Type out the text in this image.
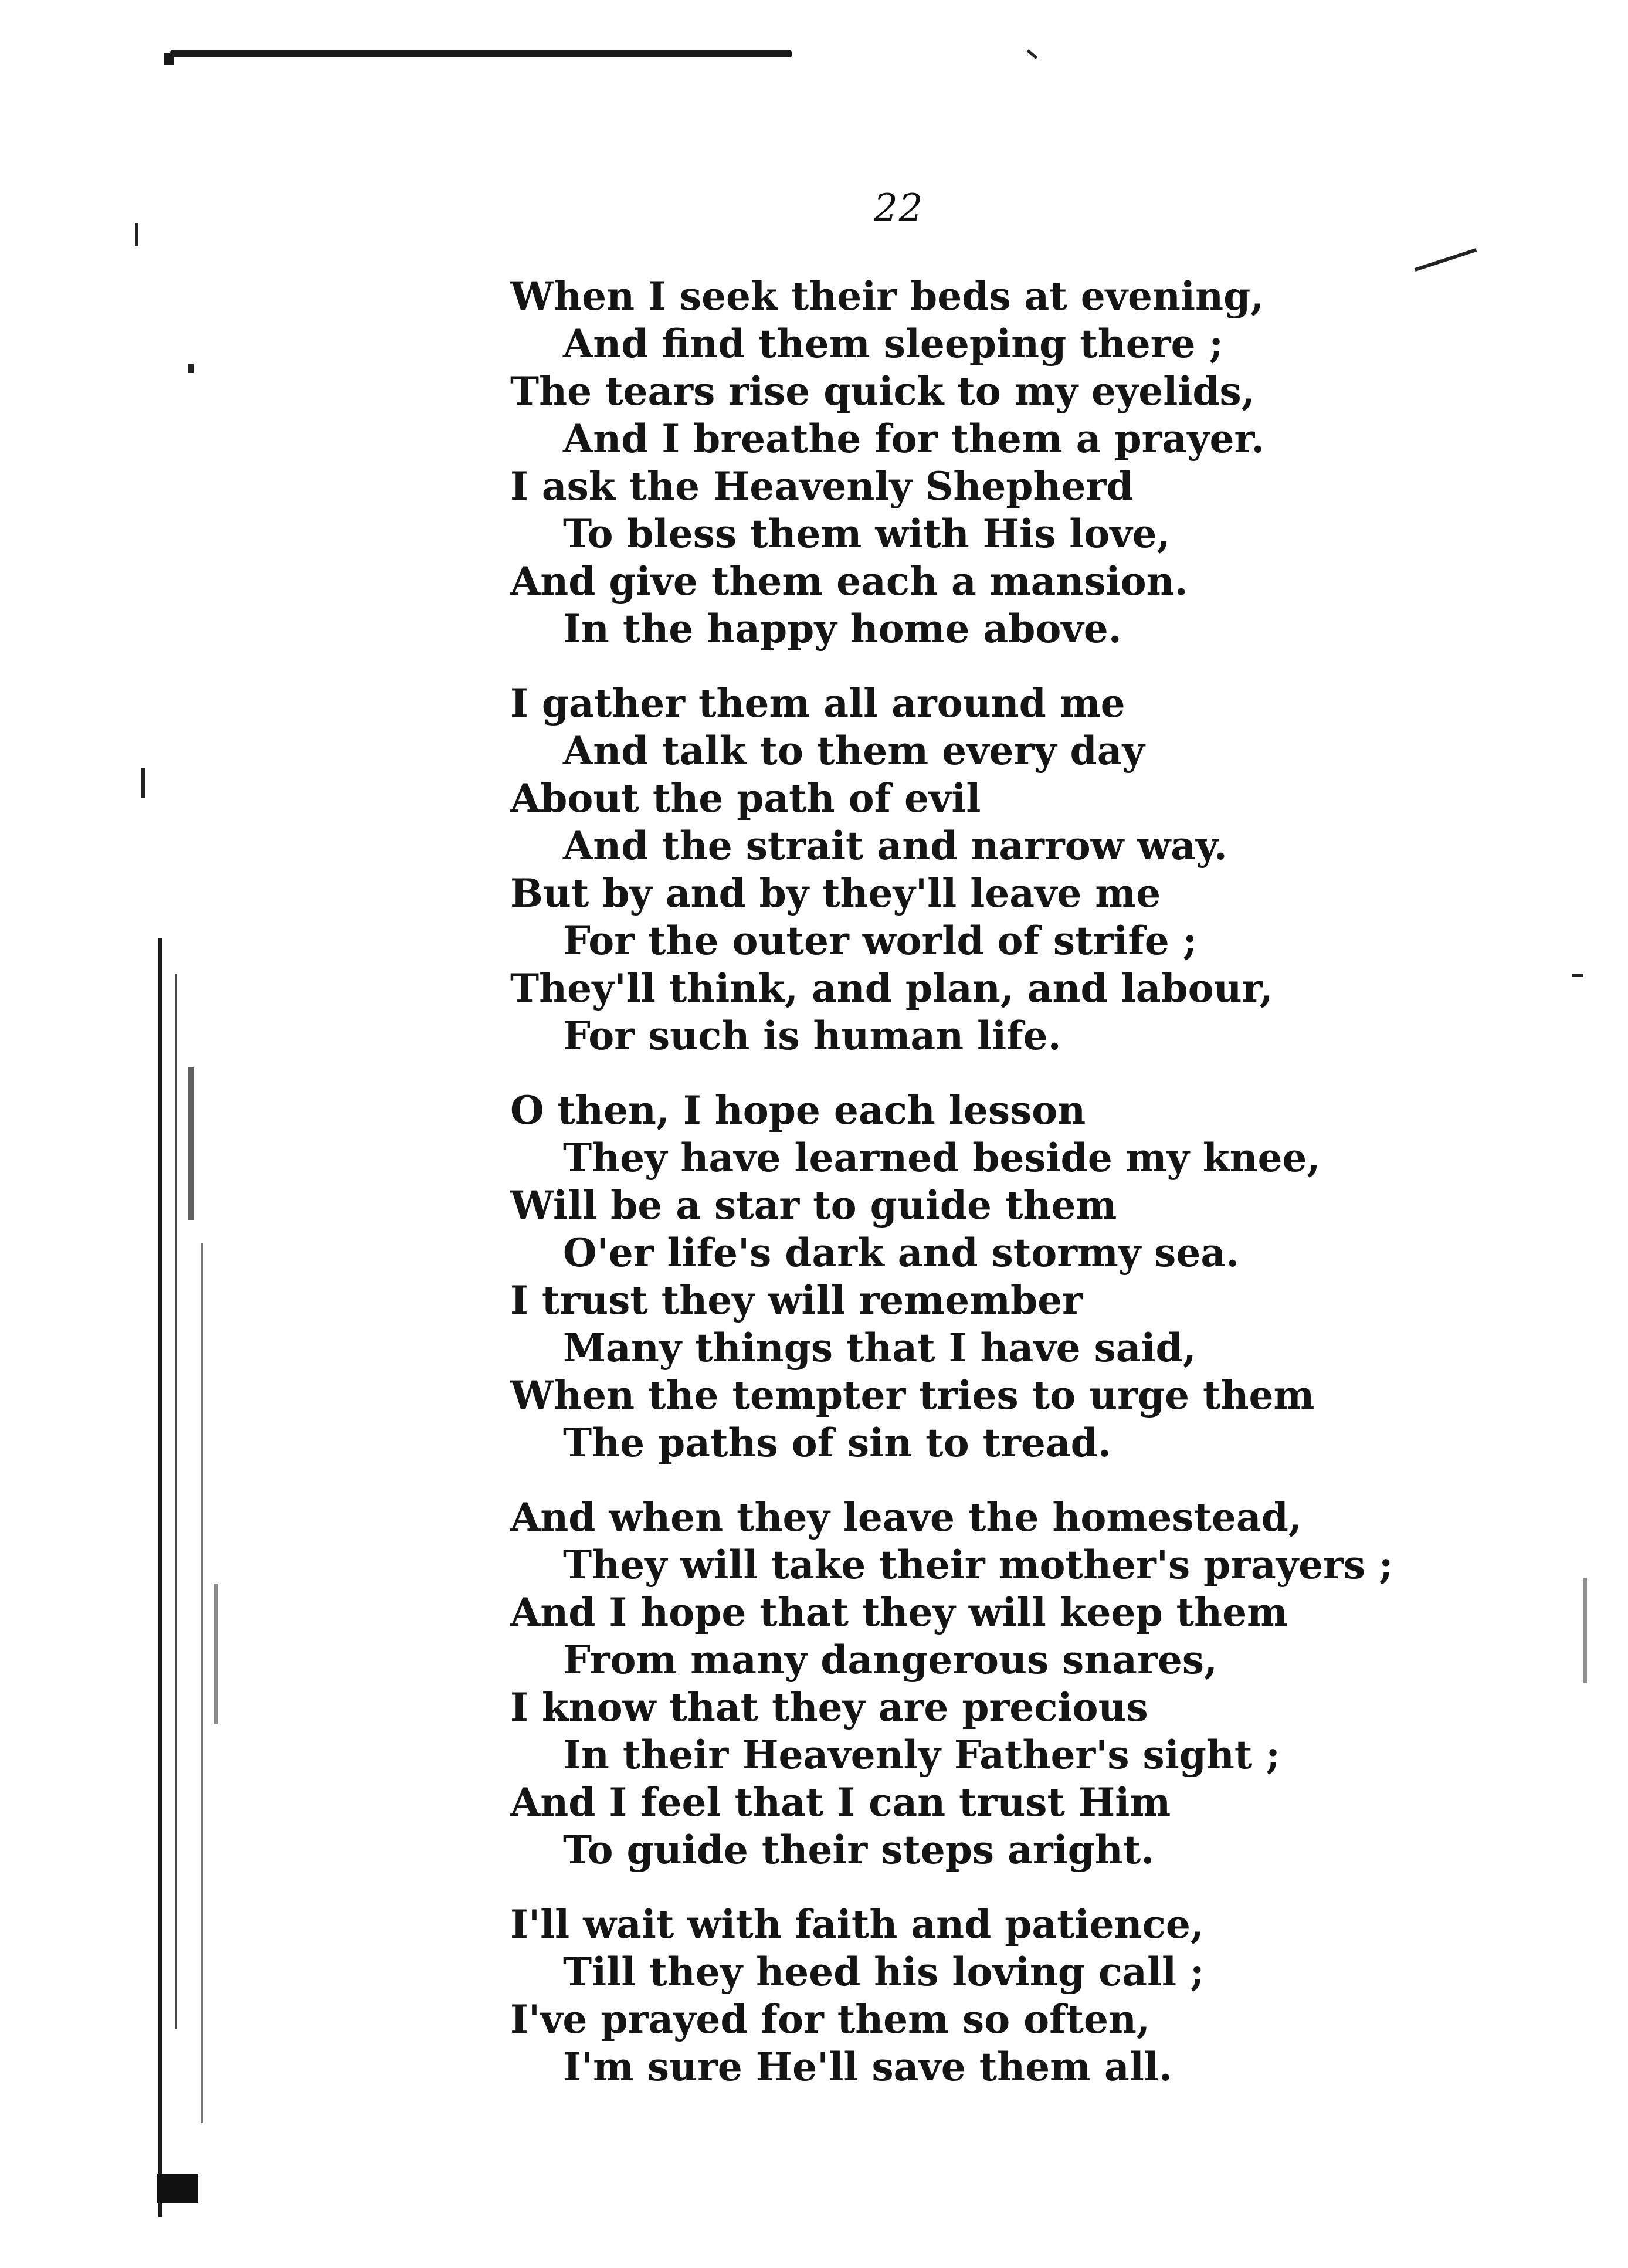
22
When I seek their beds at evening,
And find them sleeping there ;
The tears rise quick to my eyelids,
And I breathe for them a prayer.
I ask the Heavenly Shepherd
To bless them with His love,
And give them each a mansion.
In the happy home above.
I gather them all around me
And talk to them every day
About the path of evil
And the strait and narrow way.
But by and by they'll leave me
For the outer world of strife ;
They'll think, and plan, and labour,
For such is human life.
O then, I hope each lesson
They have learned beside my knee,
Will be a star to guide them
O'er life's dark and stormy sea.
I trust they will remember
Many things that I have said,
When the tempter tries to urge them
The paths of sin to tread.
And when they leave the homestead,
They will take their mother's prayers ;
And I hope that they will keep them
From many dangerous snares,
I know that they are precious
In their Heavenly Father's sight ;
And I feel that I can trust Him
To guide their steps aright.
I'll wait with faith and patience,
Till they heed his loving call ;
I've prayed for them so often,
I'm sure He'll save them all.
